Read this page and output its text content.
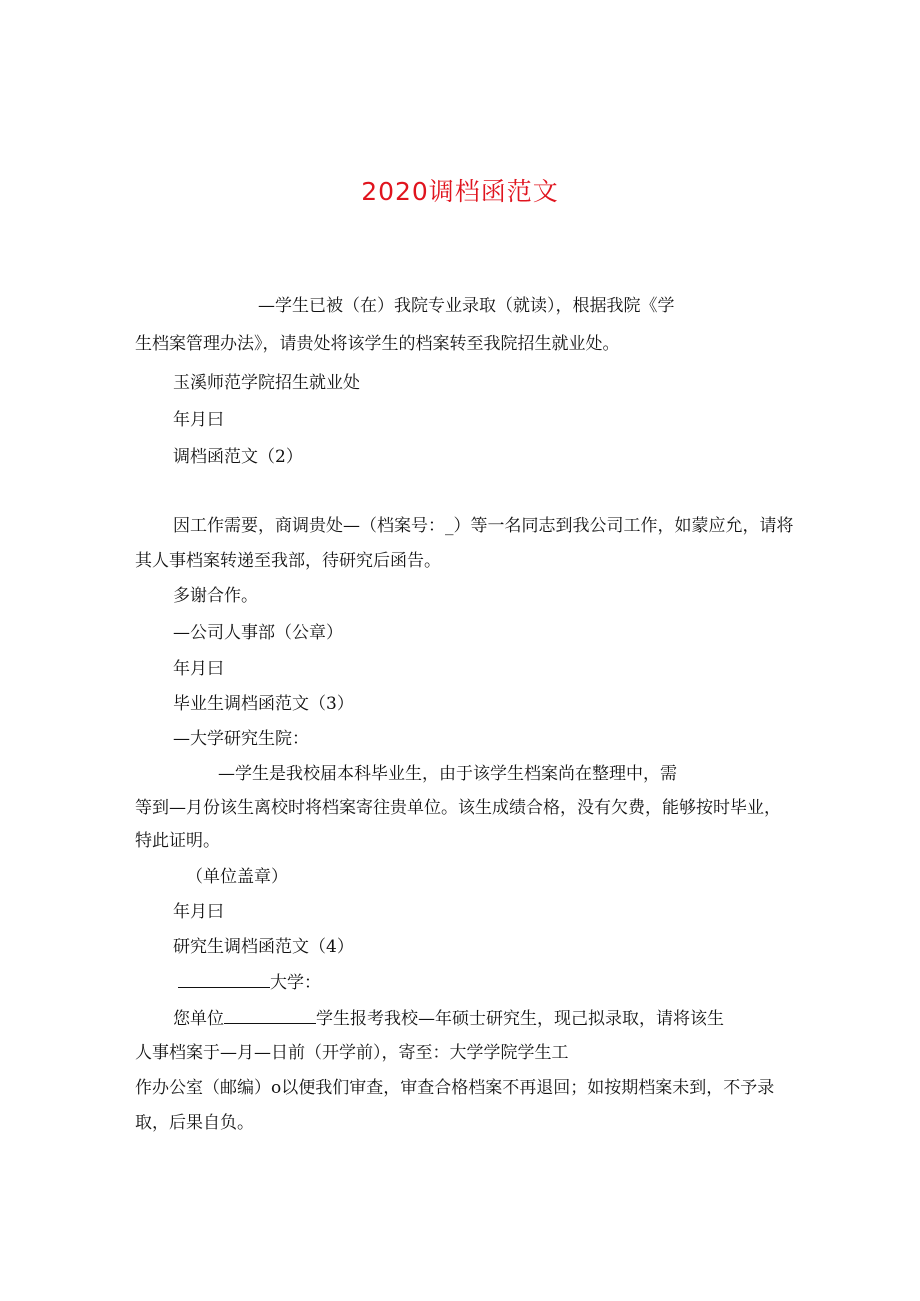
2020调档函范文
—学生已被（在）我院专业录取（就读），根据我院《学
生档案管理办法》，请贵处将该学生的档案转至我院招生就业处。
玉溪师范学院招生就业处
年月曰
调档函范文（2）
因工作需要，商调贵处—（档案号：_）等一名同志到我公司工作，如蒙应允，请将
其人事档案转递至我部，待研究后函告。
多谢合作。
—公司人事部（公章）
年月曰
毕业生调档函范文（3）
—大学研究生院：
—学生是我校届本科毕业生，由于该学生档案尚在整理中，需
等到—月份该生离校时将档案寄往贵单位。该生成绩合格，没有欠费，能够按时毕业，
特此证明。
（单位盖章）
年月曰
研究生调档函范文（4）
大学：
您单位	学生报考我校—年硕士研究生，现己拟录取，请将该生
人事档案于—月—日前（开学前），寄至：大学学院学生工
作办公室（邮编）o以便我们审查，审查合格档案不再退回；如按期档案未到，不予录
取，后果自负。
